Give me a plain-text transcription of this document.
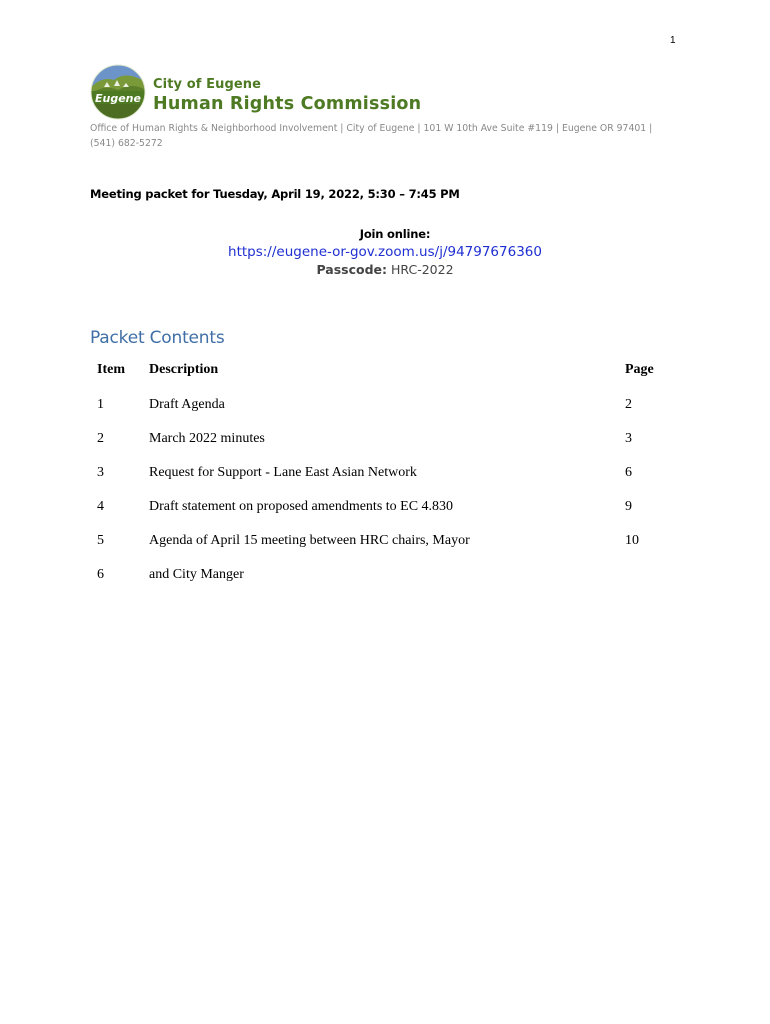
1
Eugene
City of Eugene
Human Rights Commission
Office of Human Rights & Neighborhood Involvement | City of Eugene | 101 W 10th Ave Suite #119 | Eugene OR 97401 | (541) 682-5272
Meeting packet for Tuesday, April 19, 2022, 5:30 – 7:45 PM
Join online:
https://eugene-or-gov.zoom.us/j/94797676360
Passcode: HRC-2022
Packet Contents
Item	Description	Page
1	Draft Agenda	2
2	March 2022 minutes	3
3	Request for Support - Lane East Asian Network	6
4	Draft statement on proposed amendments to EC 4.830	9
5	Agenda of April 15 meeting between HRC chairs, Mayor	10
6	and City Manger	
